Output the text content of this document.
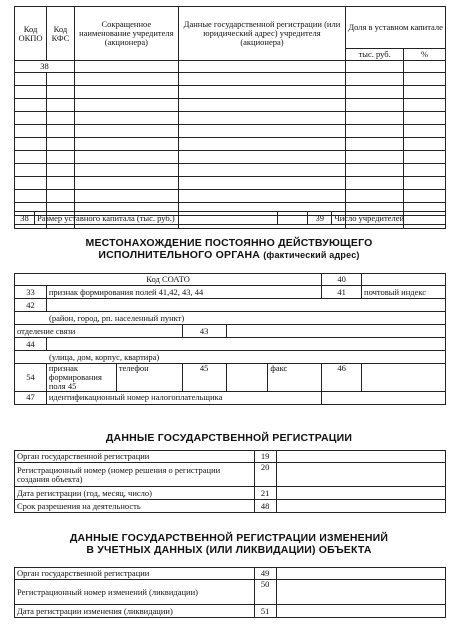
Код ОКПО	Код КФС	Сокращенное наименование учредителя (акционера)	Данные государственной регистрации (или юридический адрес) учредителя (акционера)	Доля в уставном капитале	
				тыс. руб.	%
38					

38	Размер уставного капитала (тыс. руб.)		39	Число учредителей
МЕСТОНАХОЖДЕНИЕ ПОСТОЯННО ДЕЙСТВУЮЩЕГО
ИСПОЛНИТЕЛЬНОГО ОРГАНА (фактический адрес)
Код СОАТО						40	
33	признак формирования полей 41,42, 43, 44					41	почтовый индекс
42							
(район, город, рп. населенный пункт)							
отделение связи			43				
44							
(улица, дом, корпус, квартира)							
54	признак формирования поля 45	телефон	45		факс	46	
47	идентификационный номер налогоплательщика						
ДАННЫЕ ГОСУДАРСТВЕННОЙ РЕГИСТРАЦИИ
Орган государственной регистрации	19	
Регистрационный номер (номер решения о регистрации создания объекта)	20	
Дата регистрации (год, месяц, число)	21	
Срок разрешения на деятельность	48	
ДАННЫЕ ГОСУДАРСТВЕННОЙ РЕГИСТРАЦИИ ИЗМЕНЕНИЙ
В УЧЕТНЫХ ДАННЫХ (ИЛИ ЛИКВИДАЦИИ) ОБЪЕКТА
Орган государственной регистрации	49	
Регистрационный номер изменений (ликвидации)	50	
Дата регистрации изменения (ликвидации)	51	
